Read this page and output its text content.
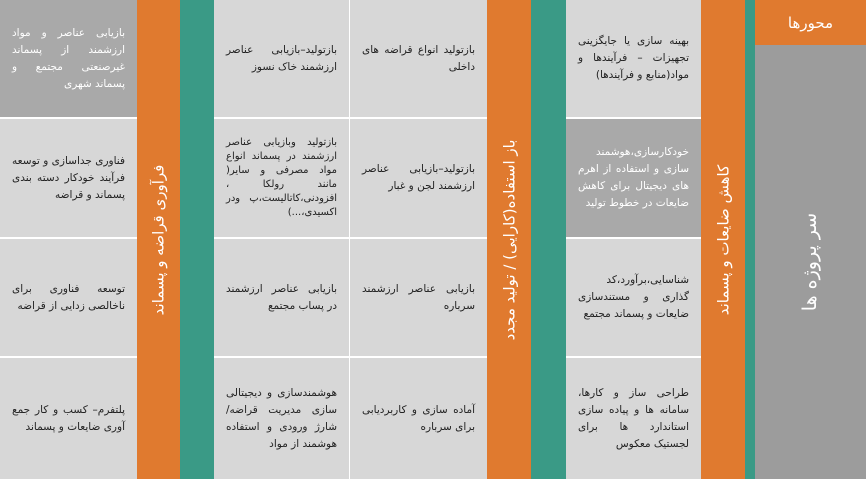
محورها
سر پروژه ها
کاهش ضایعات و پسماند
بهینه سازی یا جایگزینی تجهیزات – فرآیندها و مواد(منابع و فرآیندها)
خودکارسازی،هوشمند سازی و استفاده از اهرم های دیجیتال برای کاهش ضایعات در خطوط تولید
شناسایی،برآورد،کد گذاری و مستندسازی ضایعات و پسماند مجتمع
طراحی ساز و کارها، سامانه ها و پیاده سازی استاندارد ها برای لجستیک معکوس
باز استفاده(کارایی) / تولید مجدد
بازتولید انواع قراضه های داخلی
بازتولید–بازیابی عناصر ارزشمند لجن و غبار
بازیابی عناصر ارزشمند سرباره
آماده سازی و کاربردیابی برای سرباره
بازتولید–بازیابی عناصر ارزشمند خاک نسوز
بازتولید وبازیابی عناصر ارزشمند در پسماند انواع مواد مصرفی و سایر( مانند رولکا ، افزودنی،کاتالیست،پ ودر اکسیدی،...)
بازیابی عناصر ارزشمند در پساب مجتمع
هوشمندسازی و دیجیتالی سازی مدیریت قراضه/شارژ ورودی و استفاده هوشمند از مواد
فرآوری قراضه و پسماند
بازیابی عناصر و مواد ارزشمند از پسماند غیرصنعتی مجتمع و پسماند شهری
فناوری جداسازی و توسعه فرآیند خودکار دسته بندی پسماند و قراضه
توسعه فناوری برای ناخالصی زدایی از قراضه
پلتفرم– کسب و کار جمع آوری ضایعات و پسماند
